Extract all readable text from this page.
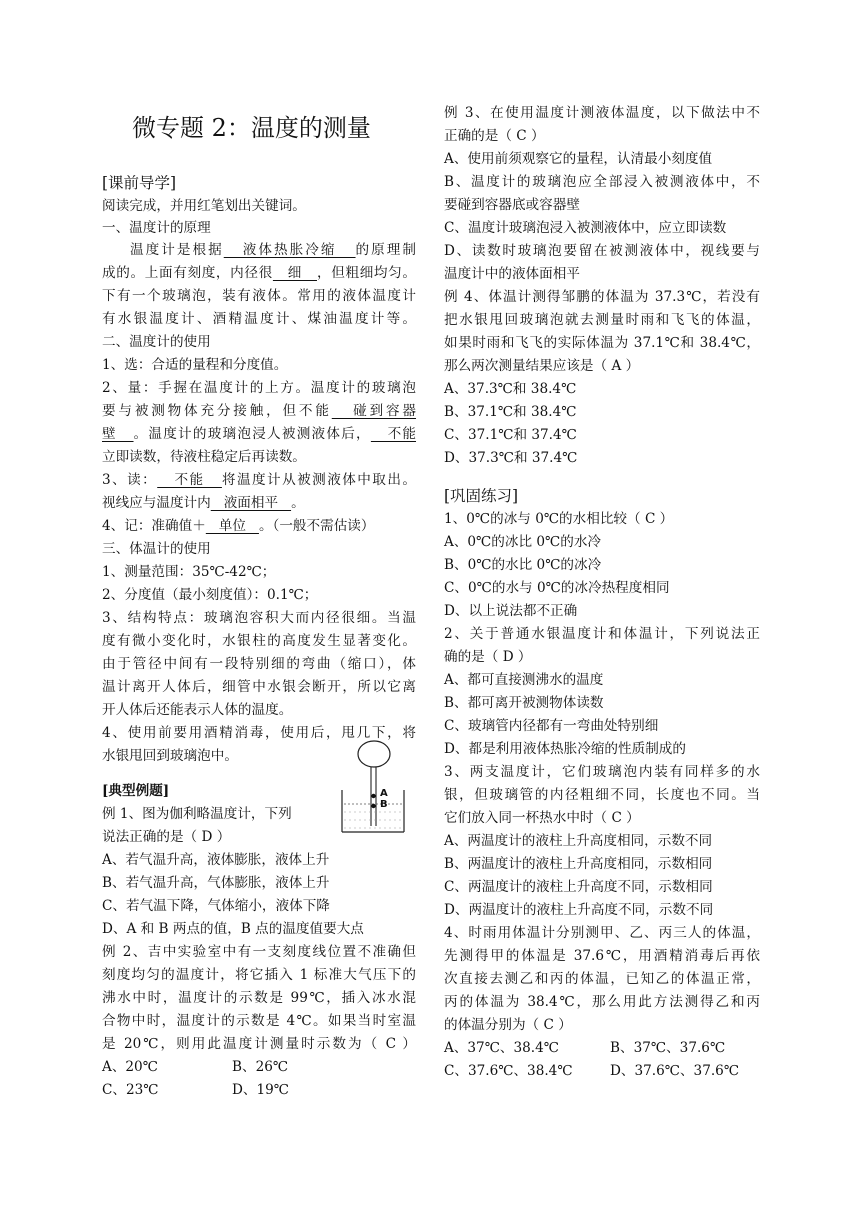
微专题 2：温度的测量
[课前导学]
阅读完成，并用红笔划出关键词。
一、温度计的原理
温度计是根据   液体热胀冷缩   的原理制
成的。上面有刻度，内径很   细   ，但粗细均匀。
下有一个玻璃泡，装有液体。常用的液体温度计
有水银温度计、酒精温度计、煤油温度计等。
二、温度计的使用
1、选：合适的量程和分度值。
2、量：手握在温度计的上方。温度计的玻璃泡
要与被测物体充分接触，但不能   碰到容器
壁   。温度计的玻璃泡浸人被测液体后，   不能
立即读数，待液柱稳定后再读数。
3、读：   不能   将温度计从被测液体中取出。
视线应与温度计内   液面相平   。
4、记：准确值＋   单位   。（一般不需估读）
三、体温计的使用
1、测量范围：35℃-42℃；
2、分度值（最小刻度值）：0.1℃；
3、结构特点：玻璃泡容积大而内径很细。当温
度有微小变化时，水银柱的高度发生显著变化。
由于管径中间有一段特别细的弯曲（缩口），体
温计离开人体后，细管中水银会断开，所以它离
开人体后还能表示人体的温度。
4、使用前要用酒精消毒，使用后，甩几下，将
水银甩回到玻璃泡中。
[典型例题]
例 1、图为伽利略温度计，下列
说法正确的是（ D ）
A
B
A、若气温升高，液体膨胀，液体上升
B、若气温升高，气体膨胀，液体上升
C、若气温下降，气体缩小，液体下降
D、A 和 B 两点的值，B 点的温度值要大点
例 2、吉中实验室中有一支刻度线位置不准确但
刻度均匀的温度计，将它插入 1 标准大气压下的
沸水中时，温度计的示数是 99℃，插入冰水混
合物中时，温度计的示数是 4℃。如果当时室温
是 20℃，则用此温度计测量时示数为（ C ）
A、20℃	B、26℃
C、23℃	D、19℃
例 3、在使用温度计测液体温度，以下做法中不
正确的是（ C ）
A、使用前须观察它的量程，认清最小刻度值
B、温度计的玻璃泡应全部浸入被测液体中，不
要碰到容器底或容器壁
C、温度计玻璃泡浸入被测液体中，应立即读数
D、读数时玻璃泡要留在被测液体中，视线要与
温度计中的液体面相平
例 4、体温计测得邹鹏的体温为 37.3℃，若没有
把水银甩回玻璃泡就去测量时雨和飞飞的体温，
如果时雨和飞飞的实际体温为 37.1℃和 38.4℃，
那么两次测量结果应该是（ A ）
A、37.3℃和 38.4℃
B、37.1℃和 38.4℃
C、37.1℃和 37.4℃
D、37.3℃和 37.4℃
[巩固练习]
1、0℃的冰与 0℃的水相比较（ C ）
A、0℃的冰比 0℃的水冷
B、0℃的水比 0℃的冰冷
C、0℃的水与 0℃的冰冷热程度相同
D、以上说法都不正确
2、关于普通水银温度计和体温计，下列说法正
确的是（ D ）
A、都可直接测沸水的温度
B、都可离开被测物体读数
C、玻璃管内径都有一弯曲处特别细
D、都是利用液体热胀冷缩的性质制成的
3、两支温度计，它们玻璃泡内装有同样多的水
银，但玻璃管的内径粗细不同，长度也不同。当
它们放入同一杯热水中时（ C ）
A、两温度计的液柱上升高度相同，示数不同
B、两温度计的液柱上升高度相同，示数相同
C、两温度计的液柱上升高度不同，示数相同
D、两温度计的液柱上升高度不同，示数不同
4、时雨用体温计分别测甲、乙、丙三人的体温，
先测得甲的体温是 37.6℃，用酒精消毒后再依
次直接去测乙和丙的体温，已知乙的体温正常，
丙的体温为 38.4℃，那么用此方法测得乙和丙
的体温分别为（ C ）
A、37℃、38.4℃	B、37℃、37.6℃
C、37.6℃、38.4℃	D、37.6℃、37.6℃
